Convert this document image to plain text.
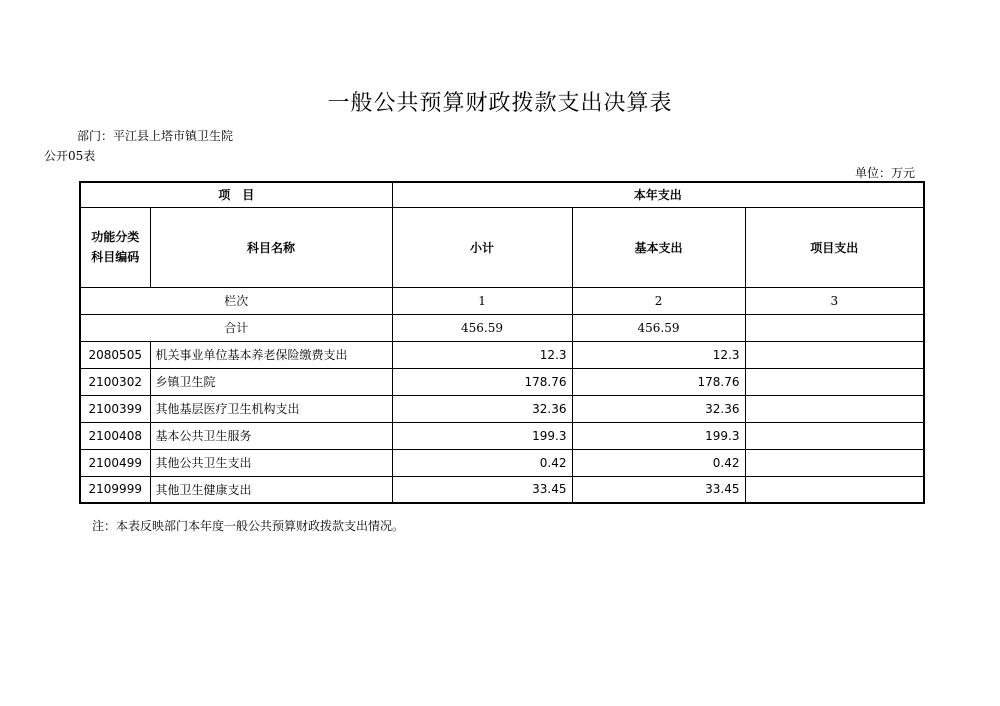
一般公共预算财政拨款支出决算表
部门：平江县上塔市镇卫生院
公开05表
单位：万元
项　目		本年支出		

功能分类
科目编码	科目名称	小计	基本支出	项目支出
栏次		1	2	3
合计		456.59	456.59	
2080505	机关事业单位基本养老保险缴费支出	12.3	12.3	
2100302	乡镇卫生院	178.76	178.76	
2100399	其他基层医疗卫生机构支出	32.36	32.36	
2100408	基本公共卫生服务	199.3	199.3	
2100499	其他公共卫生支出	0.42	0.42	
2109999	其他卫生健康支出	33.45	33.45	
注：本表反映部门本年度一般公共预算财政拨款支出情况。
